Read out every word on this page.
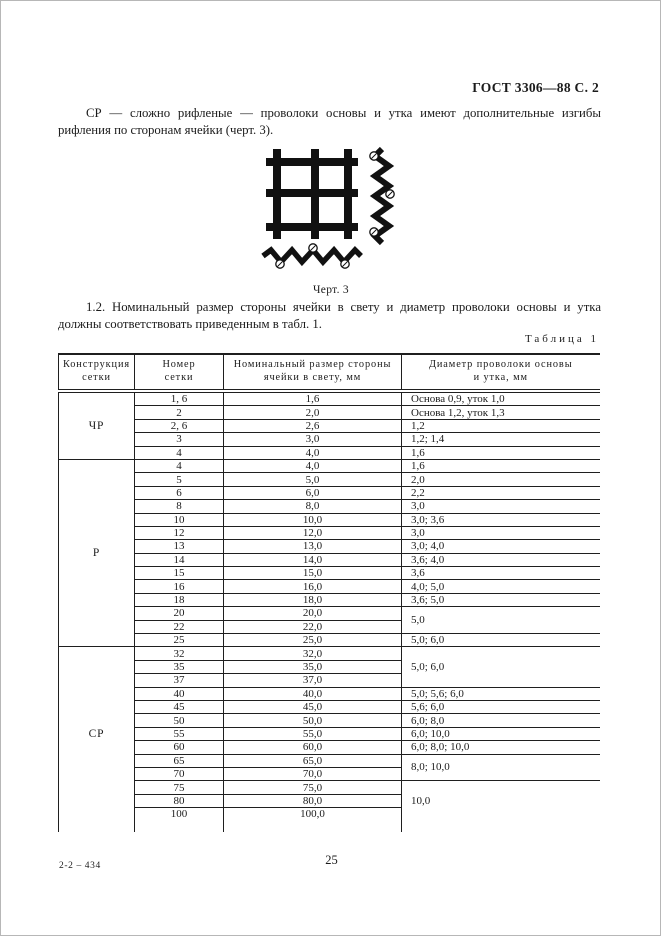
ГОСТ 3306—88 С. 2

СР — сложно рифленые — проволоки основы и утка имеют дополнительные изгибы рифления по сторонам ячейки (черт. 3).

Черт. 3

1.2. Номинальный размер стороны ячейки в свету и диаметр проволоки основы и утка должны соответствовать приведенным в табл. 1.

Таблица 1
Конструкция
сетки	Номер
сетки	Номинальный размер стороны
ячейки в свету, мм	Диаметр проволоки основы
и утка, мм
ЧР	1, 6	1,6	Основа 0,9, уток 1,0
	2	2,0	Основа 1,2, уток 1,3
	2, 6	2,6	1,2
	3	3,0	1,2; 1,4
	4	4,0	1,6
Р	4	4,0	1,6
	5	5,0	2,0
	6	6,0	2,2
	8	8,0	3,0
	10	10,0	3,0; 3,6
	12	12,0	3,0
	13	13,0	3,0; 4,0
	14	14,0	3,6; 4,0
	15	15,0	3,6
	16	16,0	4,0; 5,0
	18	18,0	3,6; 5,0
	20	20,0	5,0
	22	22,0	
	25	25,0	5,0; 6,0
СР	32	32,0	5,0; 6,0
	35	35,0	
	37	37,0	
	40	40,0	5,0; 5,6; 6,0
	45	45,0	5,6; 6,0
	50	50,0	6,0; 8,0
	55	55,0	6,0; 10,0
	60	60,0	6,0; 8,0; 10,0
	65	65,0	8,0; 10,0
	70	70,0	
	75	75,0	10,0
	80	80,0	
	100	100,0	

2-2 – 434	25
